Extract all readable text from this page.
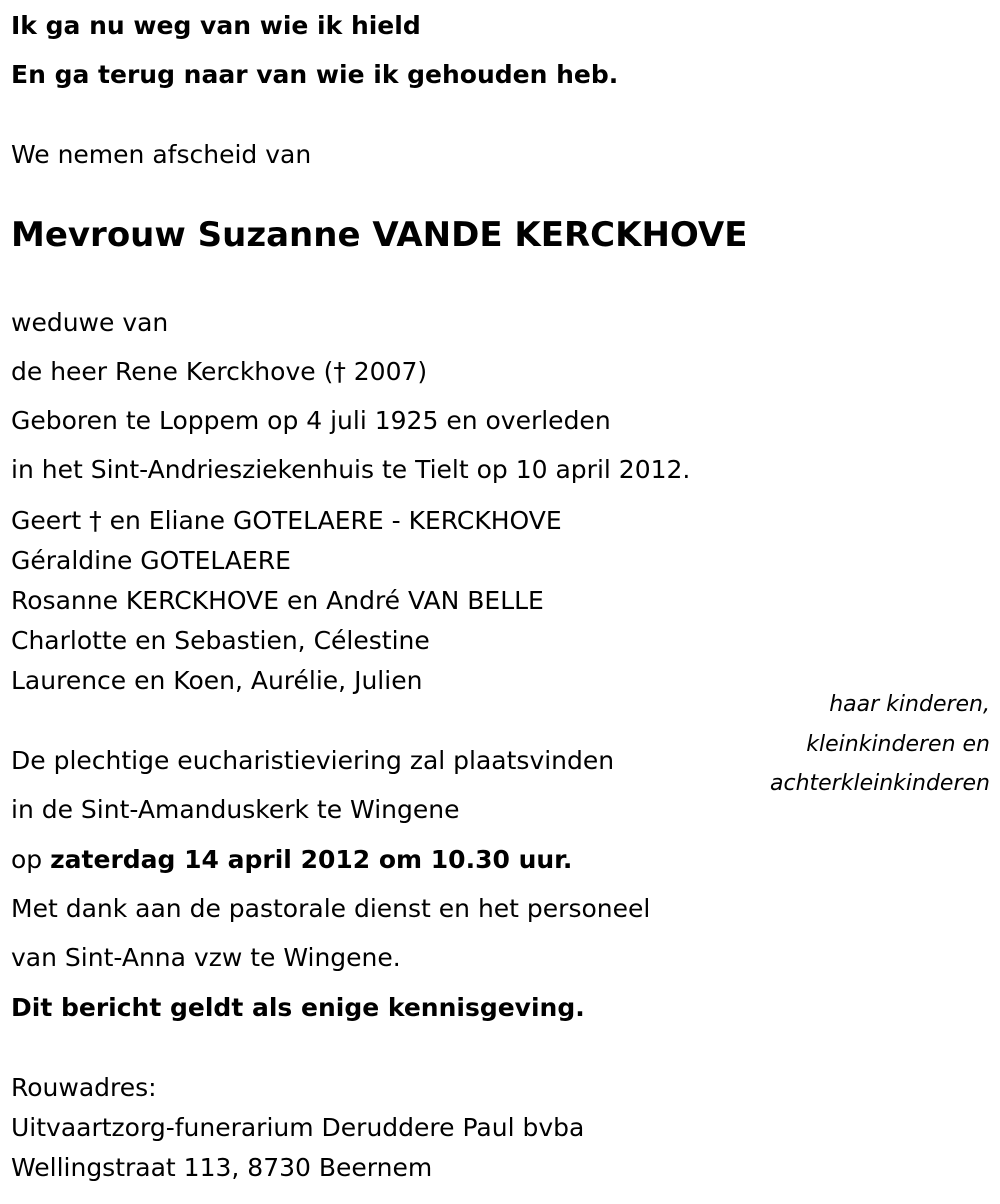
Ik ga nu weg van wie ik hield

En ga terug naar van wie ik gehouden heb.

We nemen afscheid van

Mevrouw Suzanne VANDE KERCKHOVE

weduwe van

de heer Rene Kerckhove († 2007)

Geboren te Loppem op 4 juli 1925 en overleden

in het Sint-Andriesziekenhuis te Tielt op 10 april 2012.

Geert † en Eliane GOTELAERE - KERCKHOVE

Géraldine GOTELAERE

Rosanne KERCKHOVE en André VAN BELLE

Charlotte en Sebastien, Célestine

Laurence en Koen, Aurélie, Julien

haar kinderen,

kleinkinderen en

achterkleinkinderen

De plechtige eucharistieviering zal plaatsvinden

in de Sint-Amanduskerk te Wingene

op zaterdag 14 april 2012 om 10.30 uur.

Met dank aan de pastorale dienst en het personeel

van Sint-Anna vzw te Wingene.

Dit bericht geldt als enige kennisgeving.

Rouwadres:

Uitvaartzorg-funerarium Deruddere Paul bvba

Wellingstraat 113, 8730 Beernem
